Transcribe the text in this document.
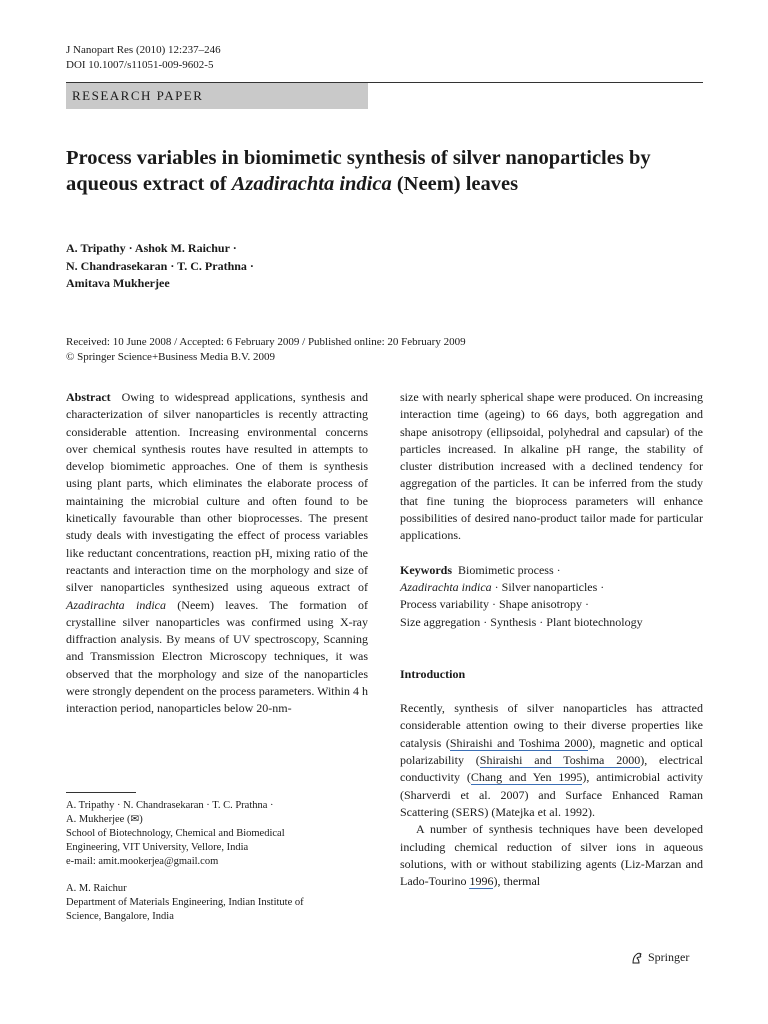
J Nanopart Res (2010) 12:237–246
DOI 10.1007/s11051-009-9602-5
RESEARCH PAPER
Process variables in biomimetic synthesis of silver nanoparticles by aqueous extract of Azadirachta indica (Neem) leaves
A. Tripathy · Ashok M. Raichur ·
N. Chandrasekaran · T. C. Prathna ·
Amitava Mukherjee
Received: 10 June 2008 / Accepted: 6 February 2009 / Published online: 20 February 2009
© Springer Science+Business Media B.V. 2009

Abstract Owing to widespread applications, synthesis and characterization of silver nanoparticles is recently attracting considerable attention. Increasing environmental concerns over chemical synthesis routes have resulted in attempts to develop biomimetic approaches. One of them is synthesis using plant parts, which eliminates the elaborate process of maintaining the microbial culture and often found to be kinetically favourable than other bioprocesses. The present study deals with investigating the effect of process variables like reductant concentrations, reaction pH, mixing ratio of the reactants and interaction time on the morphology and size of silver nanoparticles synthesized using aqueous extract of Azadirachta indica (Neem) leaves. The formation of crystalline silver nanoparticles was confirmed using X-ray diffraction analysis. By means of UV spectroscopy, Scanning and Transmission Electron Microscopy techniques, it was observed that the morphology and size of the nanoparticles were strongly dependent on the process parameters. Within 4 h interaction period, nanoparticles below 20-nm-

A. Tripathy · N. Chandrasekaran · T. C. Prathna ·
A. Mukherjee (✉)
School of Biotechnology, Chemical and Biomedical
Engineering, VIT University, Vellore, India
e-mail: amit.mookerjea@gmail.com
A. M. Raichur
Department of Materials Engineering, Indian Institute of
Science, Bangalore, India

size with nearly spherical shape were produced. On increasing interaction time (ageing) to 66 days, both aggregation and shape anisotropy (ellipsoidal, polyhedral and capsular) of the particles increased. In alkaline pH range, the stability of cluster distribution increased with a declined tendency for aggregation of the particles. It can be inferred from the study that fine tuning the bioprocess parameters will enhance possibilities of desired nano-product tailor made for particular applications.

Keywords Biomimetic process ·
Azadirachta indica · Silver nanoparticles ·
Process variability · Shape anisotropy ·
Size aggregation · Synthesis · Plant biotechnology

Introduction

Recently, synthesis of silver nanoparticles has attracted considerable attention owing to their diverse properties like catalysis (Shiraishi and Toshima 2000), magnetic and optical polarizability (Shiraishi and Toshima 2000), electrical conductivity (Chang and Yen 1995), antimicrobial activity (Sharverdi et al. 2007) and Surface Enhanced Raman Scattering (SERS) (Matejka et al. 1992).

A number of synthesis techniques have been developed including chemical reduction of silver ions in aqueous solutions, with or without stabilizing agents (Liz-Marzan and Lado-Tourino 1996), thermal

Springer
